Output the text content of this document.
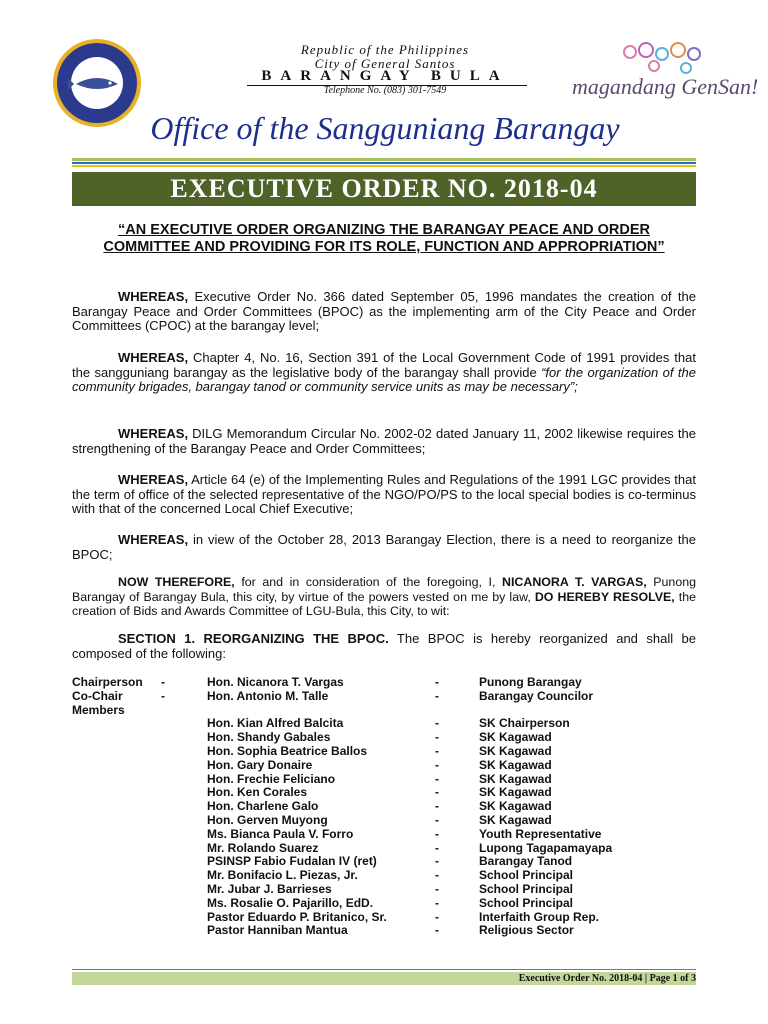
Republic of the Philippines
City of General Santos
BARANGAY BULA
Telephone No. (083) 301-7549	magandang GenSan!
Office of the Sangguniang Barangay
EXECUTIVE ORDER NO. 2018-04
“AN EXECUTIVE ORDER ORGANIZING THE BARANGAY PEACE AND ORDER COMMITTEE AND PROVIDING FOR ITS ROLE, FUNCTION AND APPROPRIATION”
WHEREAS, Executive Order No. 366 dated September 05, 1996 mandates the creation of the Barangay Peace and Order Committees (BPOC) as the implementing arm of the City Peace and Order Committees (CPOC) at the barangay level;
WHEREAS, Chapter 4, No. 16, Section 391 of the Local Government Code of 1991 provides that the sangguniang barangay as the legislative body of the barangay shall provide “for the organization of the community brigades, barangay tanod or community service units as may be necessary”;
WHEREAS, DILG Memorandum Circular No. 2002-02 dated January 11, 2002 likewise requires the strengthening of the Barangay Peace and Order Committees;
WHEREAS, Article 64 (e) of the Implementing Rules and Regulations of the 1991 LGC provides that the term of office of the selected representative of the NGO/PO/PS to the local special bodies is co-terminus with that of the concerned Local Chief Executive;
WHEREAS, in view of the October 28, 2013 Barangay Election, there is a need to reorganize the BPOC;
NOW THEREFORE, for and in consideration of the foregoing, I, NICANORA T. VARGAS, Punong Barangay of Barangay Bula, this city, by virtue of the powers vested on me by law, DO HEREBY RESOLVE, the creation of Bids and Awards Committee of LGU-Bula, this City, to wit:
SECTION 1. REORGANIZING THE BPOC. The BPOC is hereby reorganized and shall be composed of the following:
Chairperson -	Hon. Nicanora T. Vargas	-	Punong Barangay
Co-Chair	-	Hon. Antonio M. Talle	-	Barangay Councilor
Members
Hon. Kian Alfred Balcita	-	SK Chairperson
Hon. Shandy Gabales	-	SK Kagawad
Hon. Sophia Beatrice Ballos	-	SK Kagawad
Hon. Gary Donaire	-	SK Kagawad
Hon. Frechie Feliciano	-	SK Kagawad
Hon. Ken Corales	-	SK Kagawad
Hon. Charlene Galo	-	SK Kagawad
Hon. Gerven Muyong	-	SK Kagawad
Ms. Bianca Paula V. Forro	-	Youth Representative
Mr. Rolando Suarez	-	Lupong Tagapamayapa
PSINSP Fabio Fudalan IV (ret)	-	Barangay Tanod
Mr. Bonifacio L. Piezas, Jr.	-	School Principal
Mr. Jubar J. Barrieses	-	School Principal
Ms. Rosalie O. Pajarillo, EdD.	-	School Principal
Pastor Eduardo P. Britanico, Sr.	-	Interfaith Group Rep.
Pastor Hanniban Mantua	-	Religious Sector
Executive Order No. 2018-04 | Page 1 of 3
